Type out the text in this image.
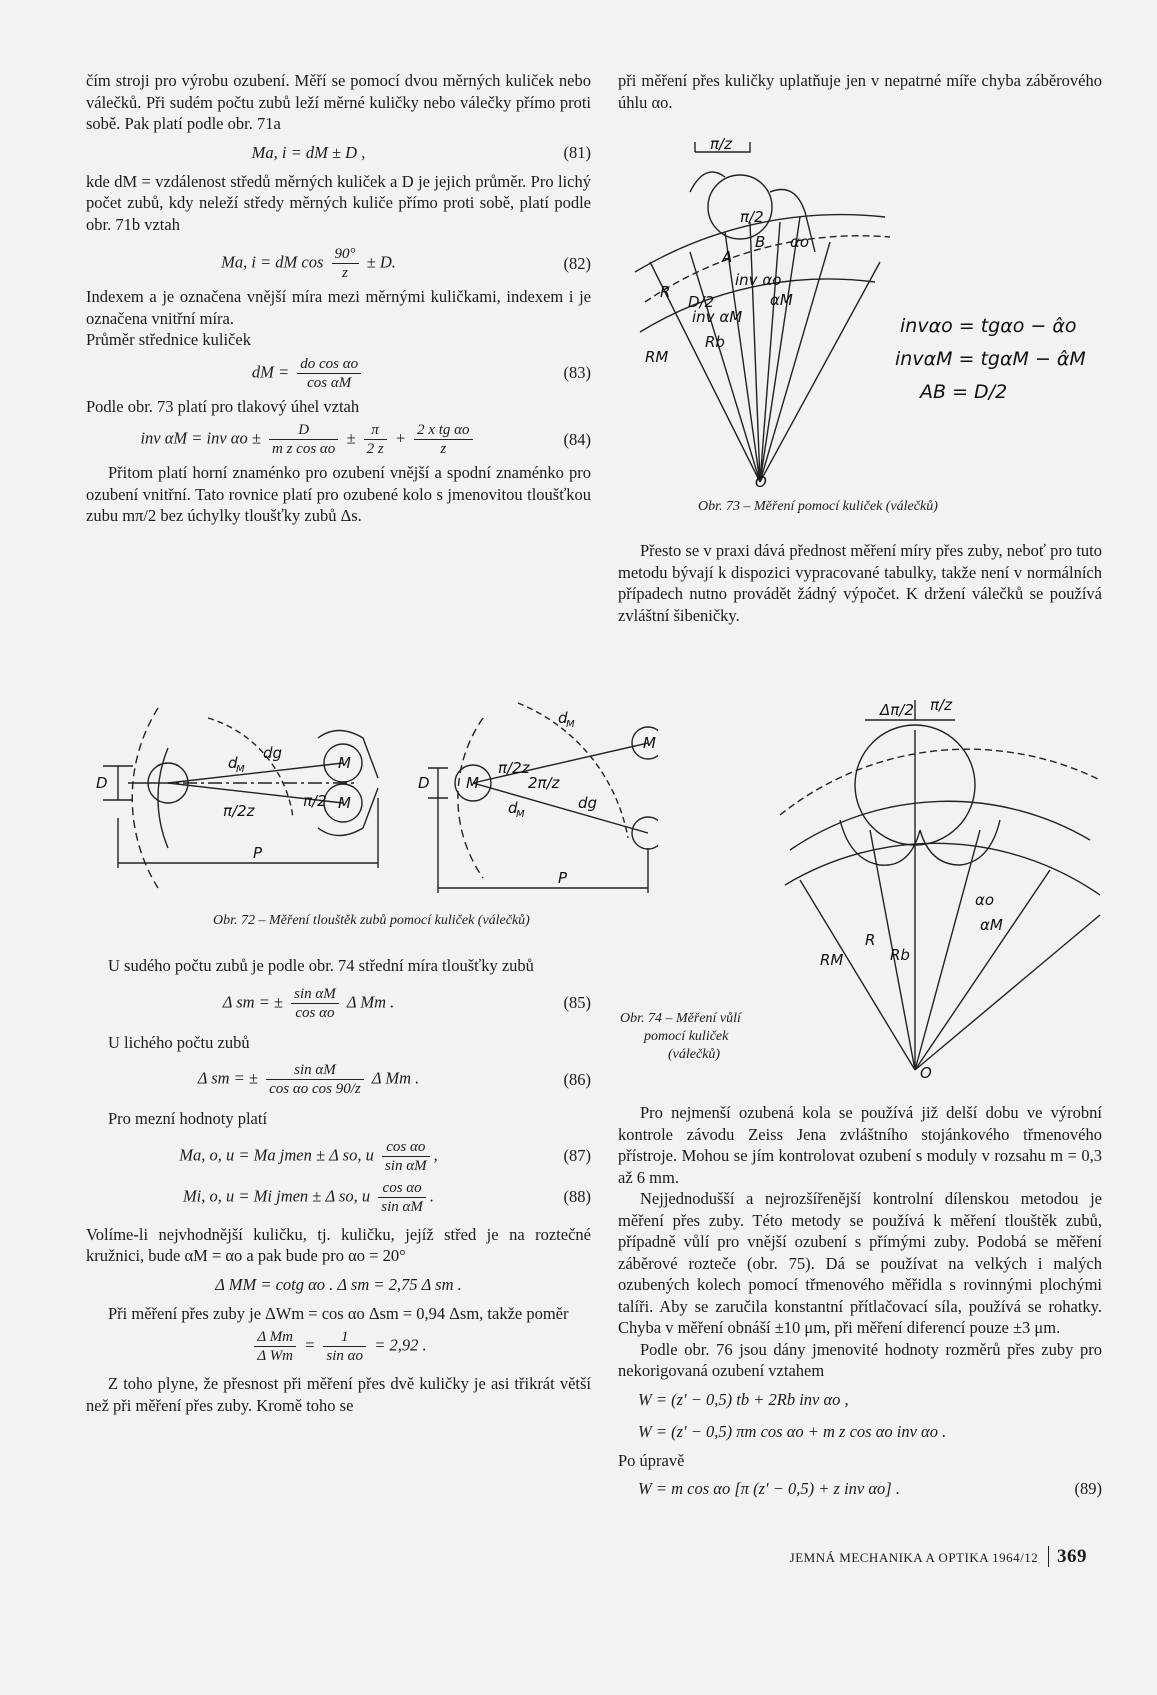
čím stroji pro výrobu ozubení. Měří se pomocí dvou měrných kuliček nebo válečků. Při sudém počtu zubů leží měrné kuličky nebo válečky přímo proti sobě. Pak platí podle obr. 71a

Ma, i = dM ± D ,	(81)

kde dM = vzdálenost středů měrných kuliček a D je jejich průměr. Pro lichý počet zubů, kdy neleží středy měrných kuliče přímo proti sobě, platí podle obr. 71b vztah

Ma, i = dM $\cos \frac{90^\circ}{z} \pm D$.	(82)

Indexem a je označena vnější míra mezi měrnými kuličkami, indexem i je označena vnitřní míra.

Průměr střednice kuliček

dM = $\frac{\text{do cos αo}}{\text{cos αM}}$	(83)

Podle obr. 73 platí pro tlakový úhel vztah

inv αM = inv $\alpha o \pm \frac{D}{\text{m z cos αo}} \pm \frac{\pi}{2 z} + \frac{\text{2 x tg αo}}{z}$	(84)

Přitom platí horní znaménko pro ozubení vnější a spodní znaménko pro ozubení vnitřní. Tato rovnice platí pro ozubené kolo s jmenovitou tloušťkou zubu mπ/2 bez úchylky tloušťky zubů Δs.

D
d
M
dg
π/2z
π/2
M
M
P
D
d
M
M
π/2z
2π/z
d
M
dg
M
P
Obr. 72 – Měření tlouštěk zubů pomocí kuliček (válečků)

U sudého počtu zubů je podle obr. 74 střední míra tloušťky zubů

Δ sm = ± $\frac{\text{sin αM}}{\text{cos αo}}$ Δ Mm .	(85)

U lichého počtu zubů

Δ sm = ± $\frac{\text{sin αM}}{\text{cos αo cos 90/z}}$ Δ Mm .	(86)

Pro mezní hodnoty platí

Ma, o, u = Ma jmen ± Δ so, u $\frac{\text{cos αo}}{\text{sin αM}}$ ,	(87)
Mi, o, u = Mi jmen ± Δ so, u $\frac{\text{cos αo}}{\text{sin αM}}$ .	(88)

Volíme-li nejvhodnější kuličku, tj. kuličku, jejíž střed je na roztečné kružnici, bude αM = αo a pak bude pro αo = 20°

Δ MM = cotg αo . Δ sm = 2,75 Δ sm .

Při měření přes zuby je ΔWm = cos αo Δsm = 0,94 Δsm, takže poměr

$\frac{\text{Δ Mm}}{\text{Δ Wm}} = \frac{1}{\text{sin αo}} = 2,92$ .

Z toho plyne, že přesnost při měření přes dvě kuličky je asi třikrát větší než při měření přes zuby. Kromě toho se

při měření přes kuličky uplatňuje jen v nepatrné míře chyba záběrového úhlu αo.

π/z
π/2
B
A
αo
D/2
R
Rb
RM
inv αo
inv αM
αM
O
invαo = tgαo − α̂o
invαM = tgαM − α̂M
AB = D/2
Obr. 73 – Měření pomocí kuliček (válečků)

Přesto se v praxi dává přednost měření míry přes zuby, neboť pro tuto metodu bývají k dispozici vypracované tabulky, takže není v normálních případech nutno provádět žádný výpočet. K držení válečků se používá zvláštní šibeničky.

Δπ/2 π/z
RM
R
Rb
αo
αM
O
Obr. 74 – Měření vůlí
pomocí kuliček
(válečků)

Pro nejmenší ozubená kola se používá již delší dobu ve výrobní kontrole závodu Zeiss Jena zvláštního stojánkového třmenového přístroje. Mohou se jím kontrolovat ozubení s moduly v rozsahu m = 0,3 až 6 mm.

Nejjednodušší a nejrozšířenější kontrolní dílenskou metodou je měření přes zuby. Této metody se používá k měření tlouštěk zubů, případně vůlí pro vnější ozubení s přímými zuby. Podobá se měření záběrové rozteče (obr. 75). Dá se používat na velkých i malých ozubených kolech pomocí třmenového měřidla s rovinnými plochými talíři. Aby se zaručila konstantní přítlačovací síla, používá se rohatky. Chyba v měření obnáší ±10 μm, při měření diferencí pouze ±3 μm.

Podle obr. 76 jsou dány jmenovité hodnoty rozměrů přes zuby pro nekorigovaná ozubení vztahem

W = (z′ − 0,5) tb + 2Rb inv αo ,
W = (z′ − 0,5) πm cos αo + m z cos αo inv αo .

Po úpravě

W = m cos αo [π (z′ − 0,5) + z inv αo] .	(89)
JEMNÁ MECHANIKA A OPTIKA 1964/12 369
